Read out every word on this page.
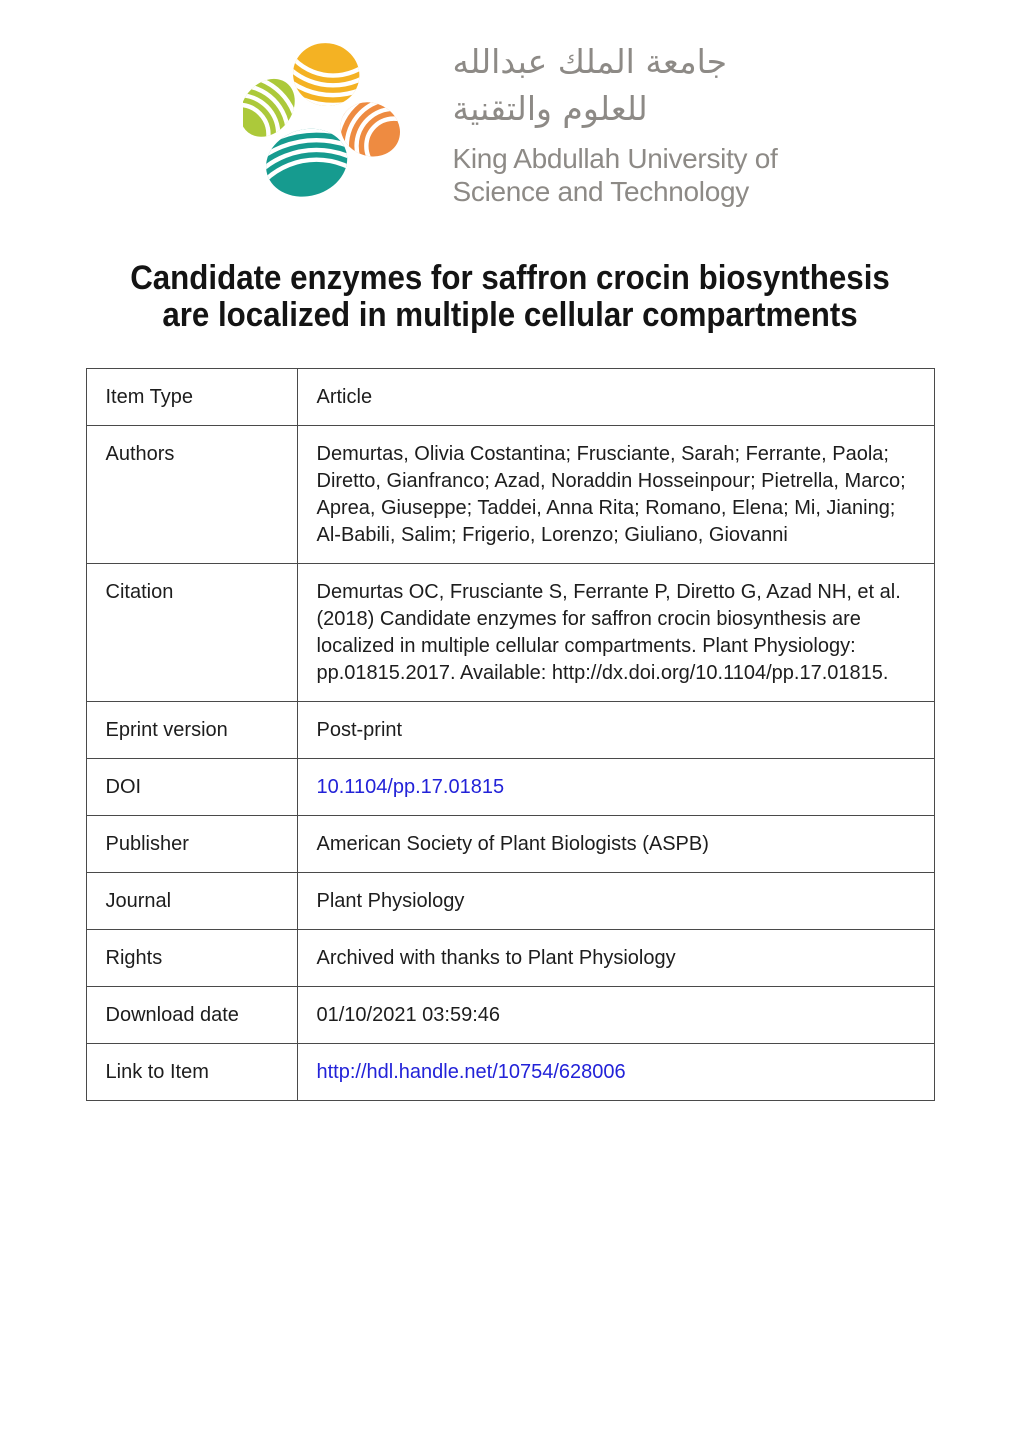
جامعة الملك عبدالله
للعلوم والتقنية
King Abdullah University of
Science and Technology
Candidate enzymes for saffron crocin biosynthesis
are localized in multiple cellular compartments
Item Type	Article
Authors	Demurtas, Olivia Costantina; Frusciante, Sarah; Ferrante, Paola; Diretto, Gianfranco; Azad, Noraddin Hosseinpour; Pietrella, Marco; Aprea, Giuseppe; Taddei, Anna Rita; Romano, Elena; Mi, Jianing; Al-Babili, Salim; Frigerio, Lorenzo; Giuliano, Giovanni
Citation	Demurtas OC, Frusciante S, Ferrante P, Diretto G, Azad NH, et al. (2018) Candidate enzymes for saffron crocin biosynthesis are localized in multiple cellular compartments. Plant Physiology: pp.01815.2017. Available: http://dx.doi.org/10.1104/pp.17.01815.
Eprint version	Post-print
DOI	10.1104/pp.17.01815
Publisher	American Society of Plant Biologists (ASPB)
Journal	Plant Physiology
Rights	Archived with thanks to Plant Physiology
Download date	01/10/2021 03:59:46
Link to Item	http://hdl.handle.net/10754/628006
